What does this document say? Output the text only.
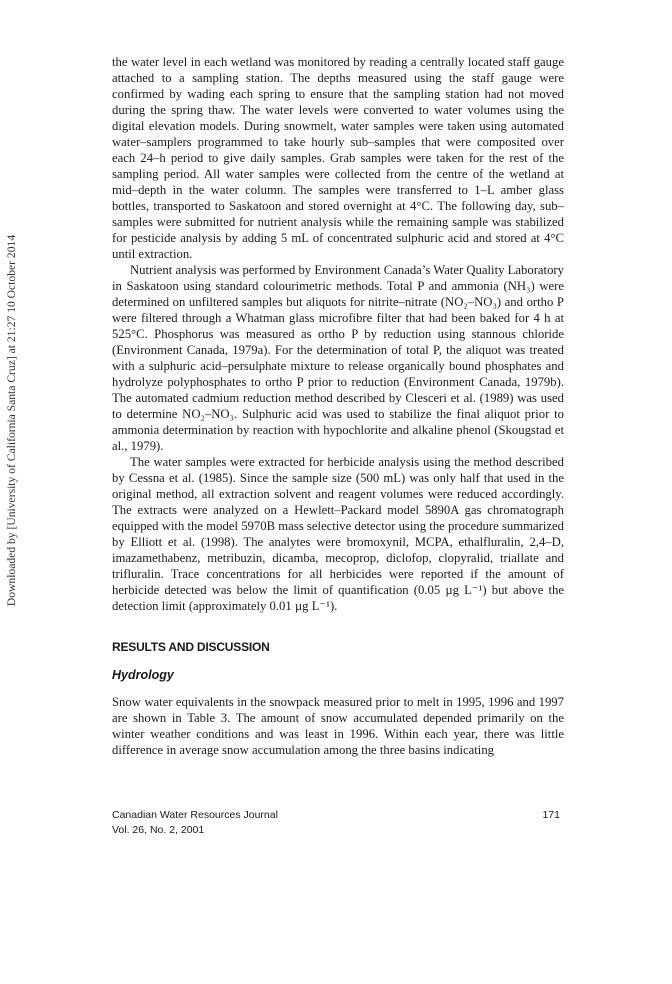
Downloaded by [University of California Santa Cruz] at 21:27 10 October 2014

the water level in each wetland was monitored by reading a centrally located staff gauge attached to a sampling station. The depths measured using the staff gauge were confirmed by wading each spring to ensure that the sampling station had not moved during the spring thaw. The water levels were converted to water volumes using the digital elevation models. During snowmelt, water samples were taken using automated water–samplers programmed to take hourly sub–samples that were composited over each 24–h period to give daily samples. Grab samples were taken for the rest of the sampling period. All water samples were collected from the centre of the wetland at mid–depth in the water column. The samples were transferred to 1–L amber glass bottles, transported to Saskatoon and stored overnight at 4°C. The following day, sub–samples were submitted for nutrient analysis while the remaining sample was stabilized for pesticide analysis by adding 5 mL of concentrated sulphuric acid and stored at 4°C until extraction.

Nutrient analysis was performed by Environment Canada’s Water Quality Laboratory in Saskatoon using standard colourimetric methods. Total P and ammonia (NH₃) were determined on unfiltered samples but aliquots for nitrite–nitrate (NO₂–NO₃) and ortho P were filtered through a Whatman glass microfibre filter that had been baked for 4 h at 525°C. Phosphorus was measured as ortho P by reduction using stannous chloride (Environment Canada, 1979a). For the determination of total P, the aliquot was treated with a sulphuric acid–persulphate mixture to release organically bound phosphates and hydrolyze polyphosphates to ortho P prior to reduction (Environment Canada, 1979b). The automated cadmium reduction method described by Clesceri et al. (1989) was used to determine NO₂–NO₃. Sulphuric acid was used to stabilize the final aliquot prior to ammonia determination by reaction with hypochlorite and alkaline phenol (Skougstad et al., 1979).

The water samples were extracted for herbicide analysis using the method described by Cessna et al. (1985). Since the sample size (500 mL) was only half that used in the original method, all extraction solvent and reagent volumes were reduced accordingly. The extracts were analyzed on a Hewlett–Packard model 5890A gas chromatograph equipped with the model 5970B mass selective detector using the procedure summarized by Elliott et al. (1998). The analytes were bromoxynil, MCPA, ethalfluralin, 2,4–D, imazamethabenz, metribuzin, dicamba, mecoprop, diclofop, clopyralid, triallate and trifluralin. Trace concentrations for all herbicides were reported if the amount of herbicide detected was below the limit of quantification (0.05 µg L⁻¹) but above the detection limit (approximately 0.01 µg L⁻¹).

RESULTS AND DISCUSSION
Hydrology

Snow water equivalents in the snowpack measured prior to melt in 1995, 1996 and 1997 are shown in Table 3. The amount of snow accumulated depended primarily on the winter weather conditions and was least in 1996. Within each year, there was little difference in average snow accumulation among the three basins indicating

Canadian Water Resources Journal
Vol. 26, No. 2, 2001
171
